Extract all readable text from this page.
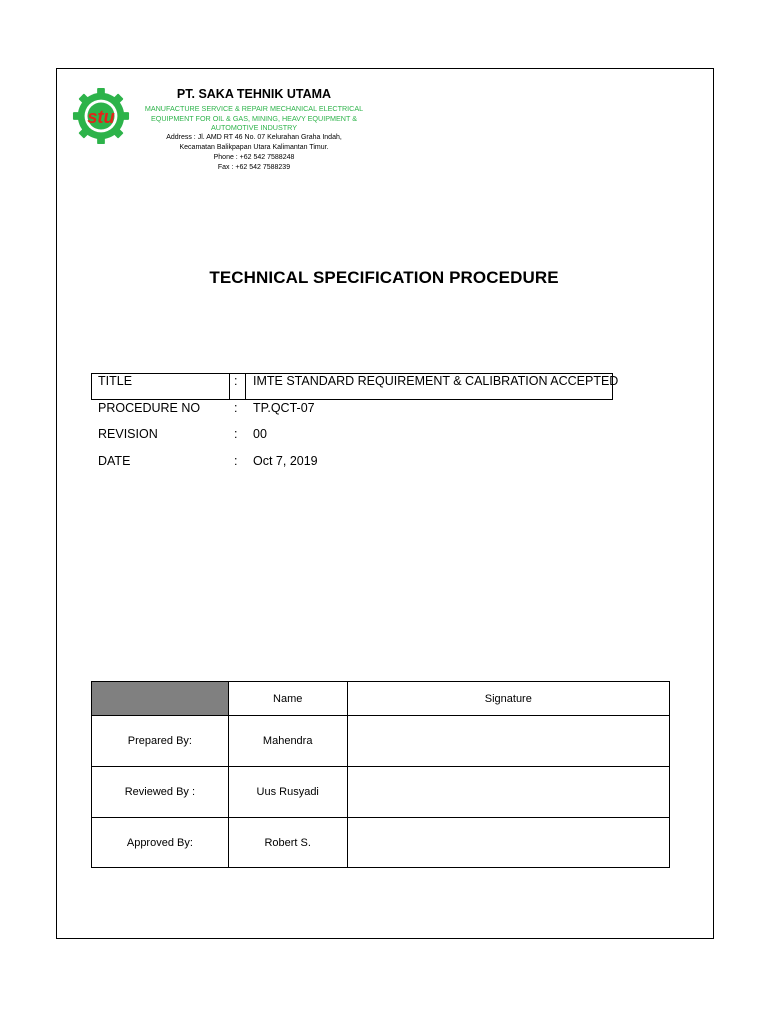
stu
PT. SAKA TEHNIK UTAMA
MANUFACTURE SERVICE & REPAIR MECHANICAL ELECTRICAL
EQUIPMENT FOR OIL & GAS, MINING, HEAVY EQUIPMENT &
AUTOMOTIVE INDUSTRY
Address : Jl. AMD RT 46 No. 07 Kelurahan Graha Indah,
Kecamatan Balikpapan Utara Kalimantan Timur.
Phone : +62 542 7588248
Fax : +62 542 7588239
TECHNICAL SPECIFICATION PROCEDURE
TITLE	: IMTE STANDARD REQUIREMENT & CALIBRATION ACCEPTED
PROCEDURE NO	: TP.QCT-07
REVISION	: 00
DATE	: Oct 7, 2019
	Name	Signature
Prepared By:	Mahendra	
Reviewed By :	Uus Rusyadi	
Approved By:	Robert S.	
